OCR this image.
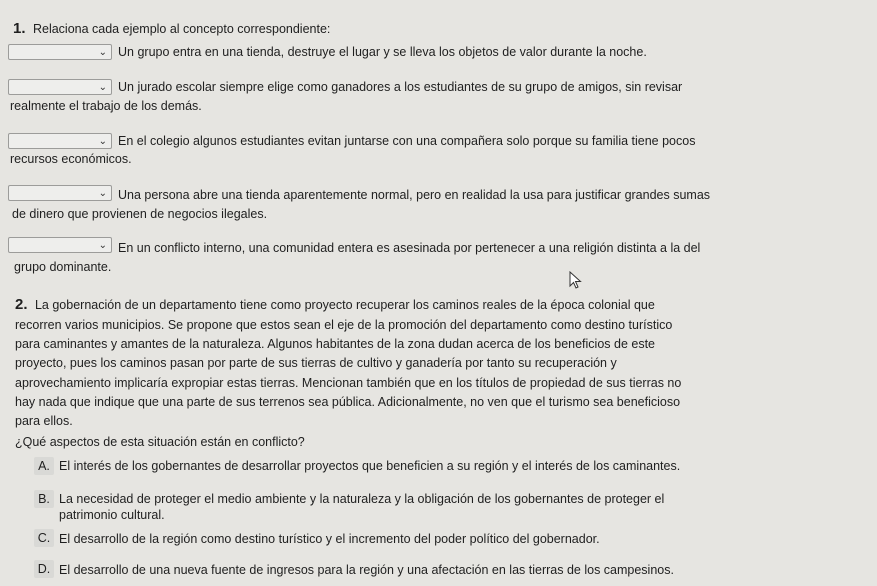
1. Relaciona cada ejemplo al concepto correspondiente:
⌄ Un grupo entra en una tienda, destruye el lugar y se lleva los objetos de valor durante la noche.
⌄ Un jurado escolar siempre elige como ganadores a los estudiantes de su grupo de amigos, sin revisar
realmente el trabajo de los demás.
⌄ En el colegio algunos estudiantes evitan juntarse con una compañera solo porque su familia tiene pocos
recursos económicos.
⌄ Una persona abre una tienda aparentemente normal, pero en realidad la usa para justificar grandes sumas
de dinero que provienen de negocios ilegales.
⌄ En un conflicto interno, una comunidad entera es asesinada por pertenecer a una religión distinta a la del
grupo dominante.
2. La gobernación de un departamento tiene como proyecto recuperar los caminos reales de la época colonial que
recorren varios municipios. Se propone que estos sean el eje de la promoción del departamento como destino turístico
para caminantes y amantes de la naturaleza. Algunos habitantes de la zona dudan acerca de los beneficios de este
proyecto, pues los caminos pasan por parte de sus tierras de cultivo y ganadería por tanto su recuperación y
aprovechamiento implicaría expropiar estas tierras. Mencionan también que en los títulos de propiedad de sus tierras no
hay nada que indique que una parte de sus terrenos sea pública. Adicionalmente, no ven que el turismo sea beneficioso
para ellos.
¿Qué aspectos de esta situación están en conflicto?
A. El interés de los gobernantes de desarrollar proyectos que beneficien a su región y el interés de los caminantes.
B. La necesidad de proteger el medio ambiente y la naturaleza y la obligación de los gobernantes de proteger el
patrimonio cultural.
C. El desarrollo de la región como destino turístico y el incremento del poder político del gobernador.
D. El desarrollo de una nueva fuente de ingresos para la región y una afectación en las tierras de los campesinos.
